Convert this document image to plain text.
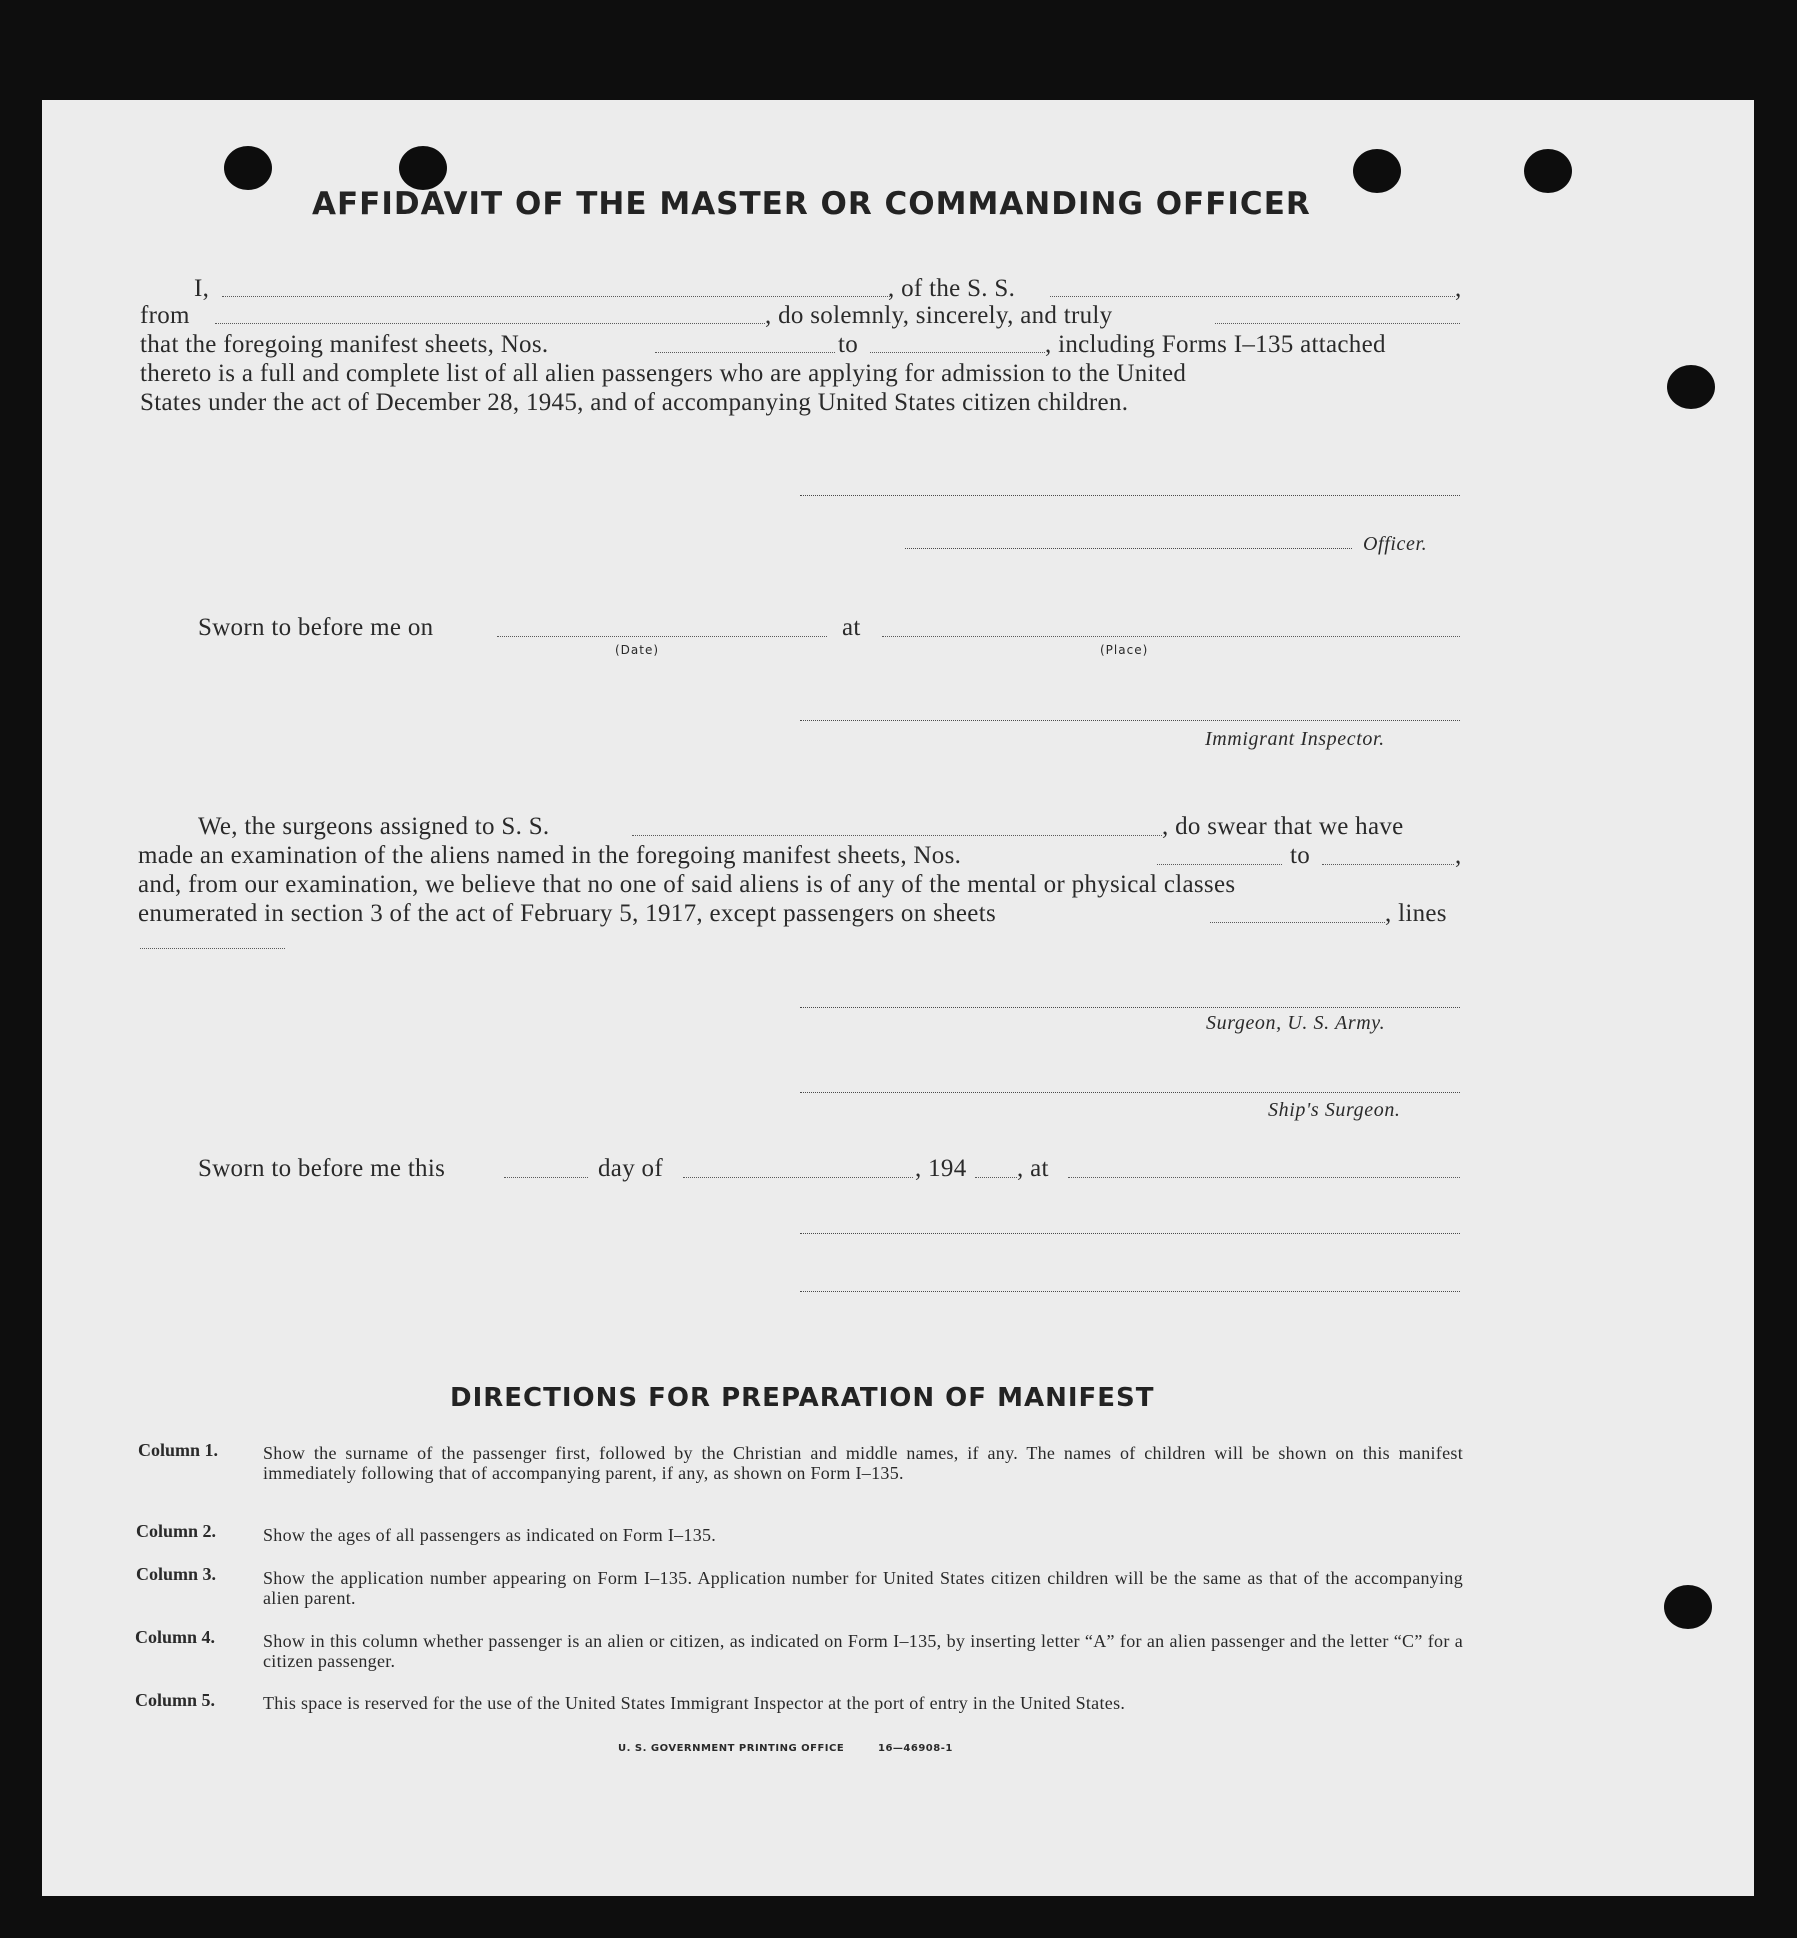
AFFIDAVIT OF THE MASTER OR COMMANDING OFFICER
I,	, of the S. S.	,
from	, do solemnly, sincerely, and truly
that the foregoing manifest sheets, Nos.	to	, including Forms I–135 attached
thereto is a full and complete list of all alien passengers who are applying for admission to the United
States under the act of December 28, 1945, and of accompanying United States citizen children.
Officer.
Sworn to before me on
(Date)
at
(Place)
Immigrant Inspector.
We, the surgeons assigned to S. S.	, do swear that we have
made an examination of the aliens named in the foregoing manifest sheets, Nos.	to	,
and, from our examination, we believe that no one of said aliens is of any of the mental or physical classes
enumerated in section 3 of the act of February 5, 1917, except passengers on sheets	, lines
Surgeon, U. S. Army.
Ship's Surgeon.
Sworn to before me this	day of	, 194 , at
DIRECTIONS FOR PREPARATION OF MANIFEST
Column 1. Show the surname of the passenger first, followed by the Christian and middle names, if any. The names of children will be shown on this manifest immediately following that of accompanying parent, if any, as shown on Form I–135.
Column 2.	Show the ages of all passengers as indicated on Form I–135.
Column 3.	Show the application number appearing on Form I–135. Application number for United States citizen children will be the same as that of the accompanying alien parent.
Column 4.	Show in this column whether passenger is an alien or citizen, as indicated on Form I–135, by inserting letter “A” for an alien passenger and the letter “C” for a citizen passenger.
Column 5.	This space is reserved for the use of the United States Immigrant Inspector at the port of entry in the United States.
U. S. GOVERNMENT PRINTING OFFICE	16—46908-1
